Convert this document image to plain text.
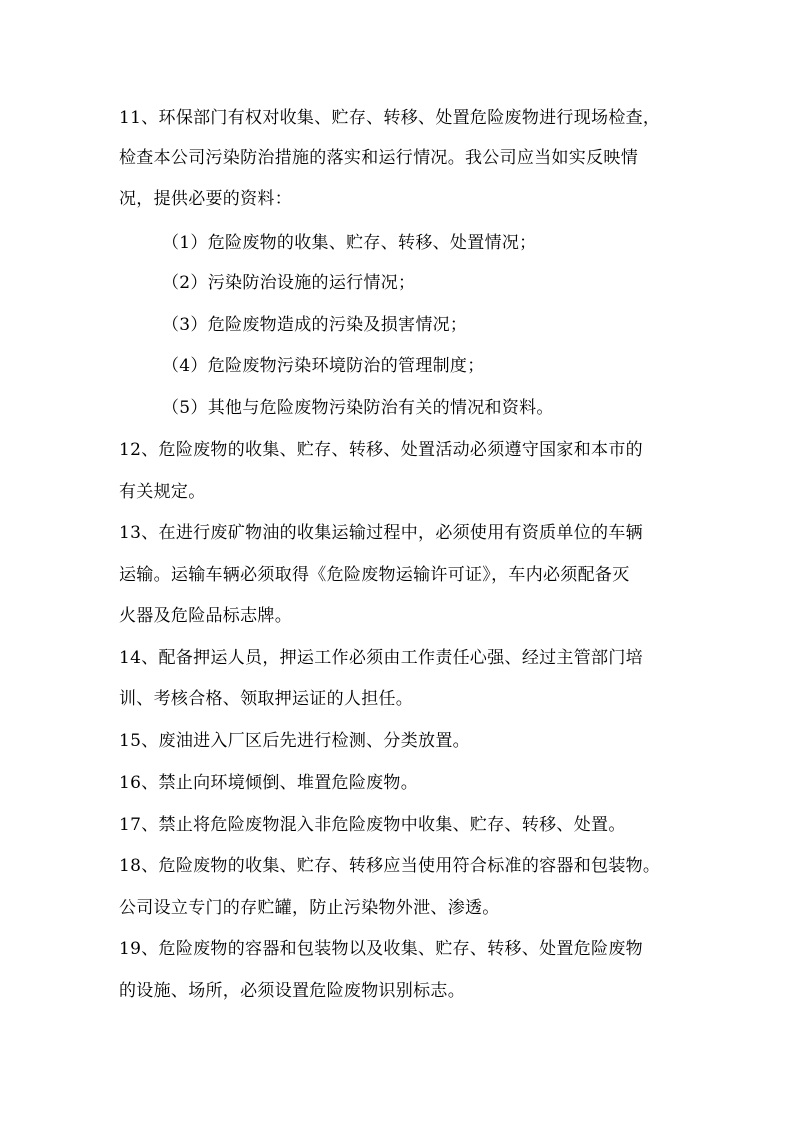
11、环保部门有权对收集、贮存、转移、处置危险废物进行现场检查，
检查本公司污染防治措施的落实和运行情况。我公司应当如实反映情
况，提供必要的资料：
（1）危险废物的收集、贮存、转移、处置情况；
（2）污染防治设施的运行情况；
（3）危险废物造成的污染及损害情况；
（4）危险废物污染环境防治的管理制度；
（5）其他与危险废物污染防治有关的情况和资料。
12、危险废物的收集、贮存、转移、处置活动必须遵守国家和本市的
有关规定。
13、在进行废矿物油的收集运输过程中，必须使用有资质单位的车辆
运输。运输车辆必须取得《危险废物运输许可证》，车内必须配备灭
火器及危险品标志牌。
14、配备押运人员，押运工作必须由工作责任心强、经过主管部门培
训、考核合格、领取押运证的人担任。
15、废油进入厂区后先进行检测、分类放置。
16、禁止向环境倾倒、堆置危险废物。
17、禁止将危险废物混入非危险废物中收集、贮存、转移、处置。
18、危险废物的收集、贮存、转移应当使用符合标准的容器和包装物。
公司设立专门的存贮罐，防止污染物外泄、渗透。
19、危险废物的容器和包装物以及收集、贮存、转移、处置危险废物
的设施、场所，必须设置危险废物识别标志。
